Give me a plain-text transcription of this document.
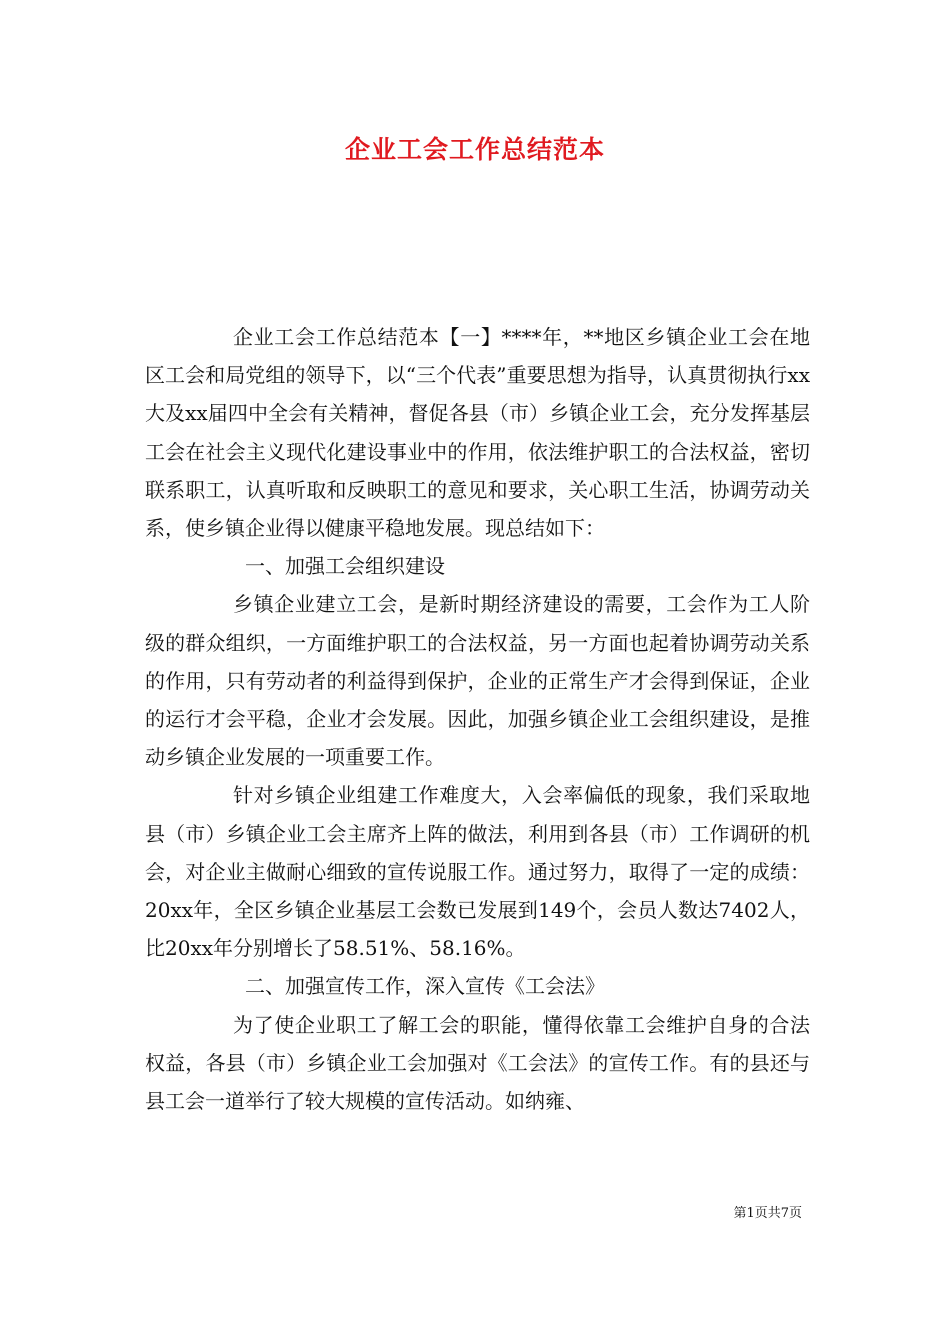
企业工会工作总结范本

企业工会工作总结范本【一】****年，**地区乡镇企业工会在地区工会和局党组的领导下，以“三个代表”重要思想为指导，认真贯彻执行xx大及xx届四中全会有关精神，督促各县（市）乡镇企业工会，充分发挥基层工会在社会主义现代化建设事业中的作用，依法维护职工的合法权益，密切联系职工，认真听取和反映职工的意见和要求，关心职工生活，协调劳动关系，使乡镇企业得以健康平稳地发展。现总结如下：

一、加强工会组织建设

乡镇企业建立工会，是新时期经济建设的需要，工会作为工人阶级的群众组织，一方面维护职工的合法权益，另一方面也起着协调劳动关系的作用，只有劳动者的利益得到保护，企业的正常生产才会得到保证，企业的运行才会平稳，企业才会发展。因此，加强乡镇企业工会组织建设，是推动乡镇企业发展的一项重要工作。

针对乡镇企业组建工作难度大，入会率偏低的现象，我们采取地县（市）乡镇企业工会主席齐上阵的做法，利用到各县（市）工作调研的机会，对企业主做耐心细致的宣传说服工作。通过努力，取得了一定的成绩：20xx年，全区乡镇企业基层工会数已发展到149个，会员人数达7402人，比20xx年分别增长了58.51%、58.16%。

二、加强宣传工作，深入宣传《工会法》

为了使企业职工了解工会的职能，懂得依靠工会维护自身的合法权益，各县（市）乡镇企业工会加强对《工会法》的宣传工作。有的县还与县工会一道举行了较大规模的宣传活动。如纳雍、

第1页共7页
